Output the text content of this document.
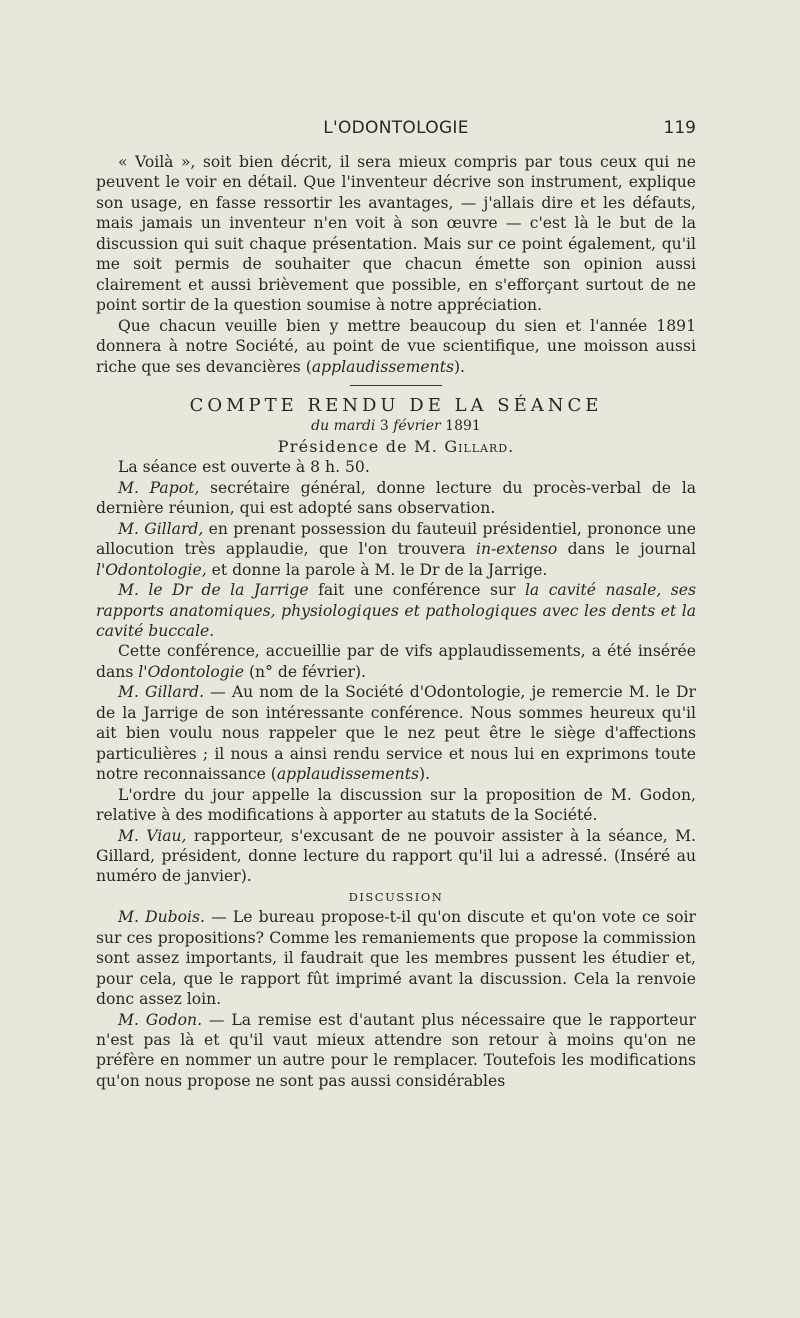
L'ODONTOLOGIE	119

« Voilà », soit bien décrit, il sera mieux compris par tous ceux qui ne peuvent le voir en détail. Que l'inventeur décrive son instrument, explique son usage, en fasse ressortir les avantages, — j'allais dire et les défauts, mais jamais un inventeur n'en voit à son œuvre — c'est là le but de la discussion qui suit chaque présentation. Mais sur ce point également, qu'il me soit permis de souhaiter que chacun émette son opinion aussi clairement et aussi brièvement que possible, en s'efforçant surtout de ne point sortir de la question soumise à notre appréciation.

Que chacun veuille bien y mettre beaucoup du sien et l'année 1891 donnera à notre Société, au point de vue scientifique, une moisson aussi riche que ses devancières (applaudissements).

COMPTE RENDU DE LA SÉANCE

du mardi 3 février 1891

Présidence de M. Gillard.

La séance est ouverte à 8 h. 50.

M. Papot, secrétaire général, donne lecture du procès-verbal de la dernière réunion, qui est adopté sans observation.

M. Gillard, en prenant possession du fauteuil présidentiel, prononce une allocution très applaudie, que l'on trouvera in-extenso dans le journal l'Odontologie, et donne la parole à M. le Dr de la Jarrige.

M. le Dr de la Jarrige fait une conférence sur la cavité nasale, ses rapports anatomiques, physiologiques et pathologiques avec les dents et la cavité buccale.

Cette conférence, accueillie par de vifs applaudissements, a été insérée dans l'Odontologie (n° de février).

M. Gillard. — Au nom de la Société d'Odontologie, je remercie M. le Dr de la Jarrige de son intéressante conférence. Nous sommes heureux qu'il ait bien voulu nous rappeler que le nez peut être le siège d'affections particulières ; il nous a ainsi rendu service et nous lui en exprimons toute notre reconnaissance (applaudissements).

L'ordre du jour appelle la discussion sur la proposition de M. Godon, relative à des modifications à apporter au statuts de la Société.

M. Viau, rapporteur, s'excusant de ne pouvoir assister à la séance, M. Gillard, président, donne lecture du rapport qu'il lui a adressé. (Inséré au numéro de janvier).

DISCUSSION

M. Dubois. — Le bureau propose-t-il qu'on discute et qu'on vote ce soir sur ces propositions? Comme les remaniements que propose la commission sont assez importants, il faudrait que les membres pussent les étudier et, pour cela, que le rapport fût imprimé avant la discussion. Cela la renvoie donc assez loin.

M. Godon. — La remise est d'autant plus nécessaire que le rapporteur n'est pas là et qu'il vaut mieux attendre son retour à moins qu'on ne préfère en nommer un autre pour le remplacer. Toutefois les modifications qu'on nous propose ne sont pas aussi considérables
